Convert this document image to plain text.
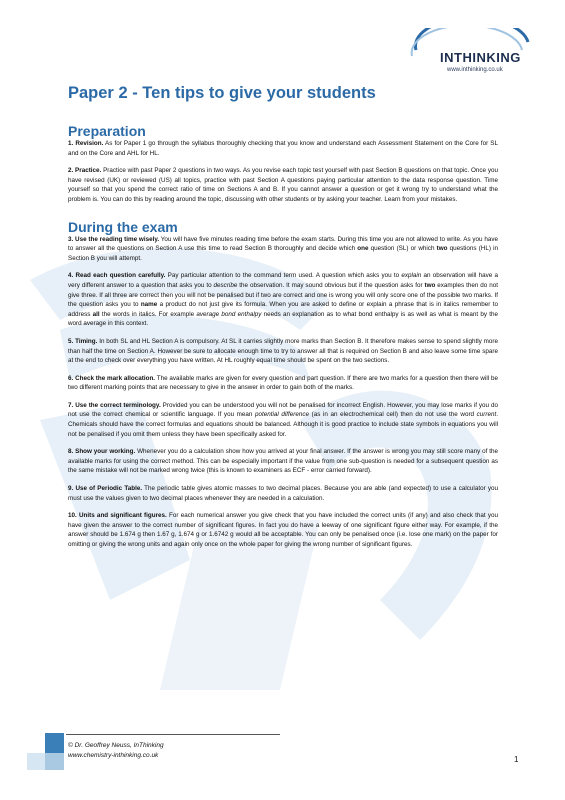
INTHINKING
www.inthinking.co.uk
Paper 2 - Ten tips to give your students
Preparation

1. Revision. As for Paper 1 go through the syllabus thoroughly checking that you know and understand each Assessment Statement on the Core for SL and on the Core and AHL for HL.

2. Practice. Practice with past Paper 2 questions in two ways. As you revise each topic test yourself with past Section B questions on that topic. Once you have revised (UK) or reviewed (US) all topics, practice with past Section A questions paying particular attention to the data response question. Time yourself so that you spend the correct ratio of time on Sections A and B. If you cannot answer a question or get it wrong try to understand what the problem is. You can do this by reading around the topic, discussing with other students or by asking your teacher. Learn from your mistakes.

During the exam

3. Use the reading time wisely. You will have five minutes reading time before the exam starts. During this time you are not allowed to write. As you have to answer all the questions on Section A use this time to read Section B thoroughly and decide which one question (SL) or which two questions (HL) in Section B you will attempt.

4. Read each question carefully. Pay particular attention to the command term used. A question which asks you to explain an observation will have a very different answer to a question that asks you to describe the observation. It may sound obvious but if the question asks for two examples then do not give three. If all three are correct then you will not be penalised but if two are correct and one is wrong you will only score one of the possible two marks. If the question asks you to name a product do not just give its formula. When you are asked to define or explain a phrase that is in italics remember to address all the words in italics. For example average bond enthalpy needs an explanation as to what bond enthalpy is as well as what is meant by the word average in this context.

5. Timing. In both SL and HL Section A is compulsory. At SL it carries slightly more marks than Section B. It therefore makes sense to spend slightly more than half the time on Section A. However be sure to allocate enough time to try to answer all that is required on Section B and also leave some time spare at the end to check over everything you have written. At HL roughly equal time should be spent on the two sections.

6. Check the mark allocation. The available marks are given for every question and part question. If there are two marks for a question then there will be two different marking points that are necessary to give in the answer in order to gain both of the marks.

7. Use the correct terminology. Provided you can be understood you will not be penalised for incorrect English. However, you may lose marks if you do not use the correct chemical or scientific language. If you mean potential difference (as in an electrochemical cell) then do not use the word current. Chemicals should have the correct formulas and equations should be balanced. Although it is good practice to include state symbols in equations you will not be penalised if you omit them unless they have been specifically asked for.

8. Show your working. Whenever you do a calculation show how you arrived at your final answer. If the answer is wrong you may still score many of the available marks for using the correct method. This can be especially important if the value from one sub-question is needed for a subsequent question as the same mistake will not be marked wrong twice (this is known to examiners as ECF - error carried forward).

9. Use of Periodic Table. The periodic table gives atomic masses to two decimal places. Because you are able (and expected) to use a calculator you must use the values given to two decimal places whenever they are needed in a calculation.

10. Units and significant figures. For each numerical answer you give check that you have included the correct units (if any) and also check that you have given the answer to the correct number of significant figures. In fact you do have a leeway of one significant figure either way. For example, if the answer should be 1.674 g then 1.67 g, 1.674 g or 1.6742 g would all be acceptable. You can only be penalised once (i.e. lose one mark) on the paper for omitting or giving the wrong units and again only once on the whole paper for giving the wrong number of significant figures.

© Dr. Geoffrey Neuss, InThinking
www.chemistry-inthinking.co.uk	1
